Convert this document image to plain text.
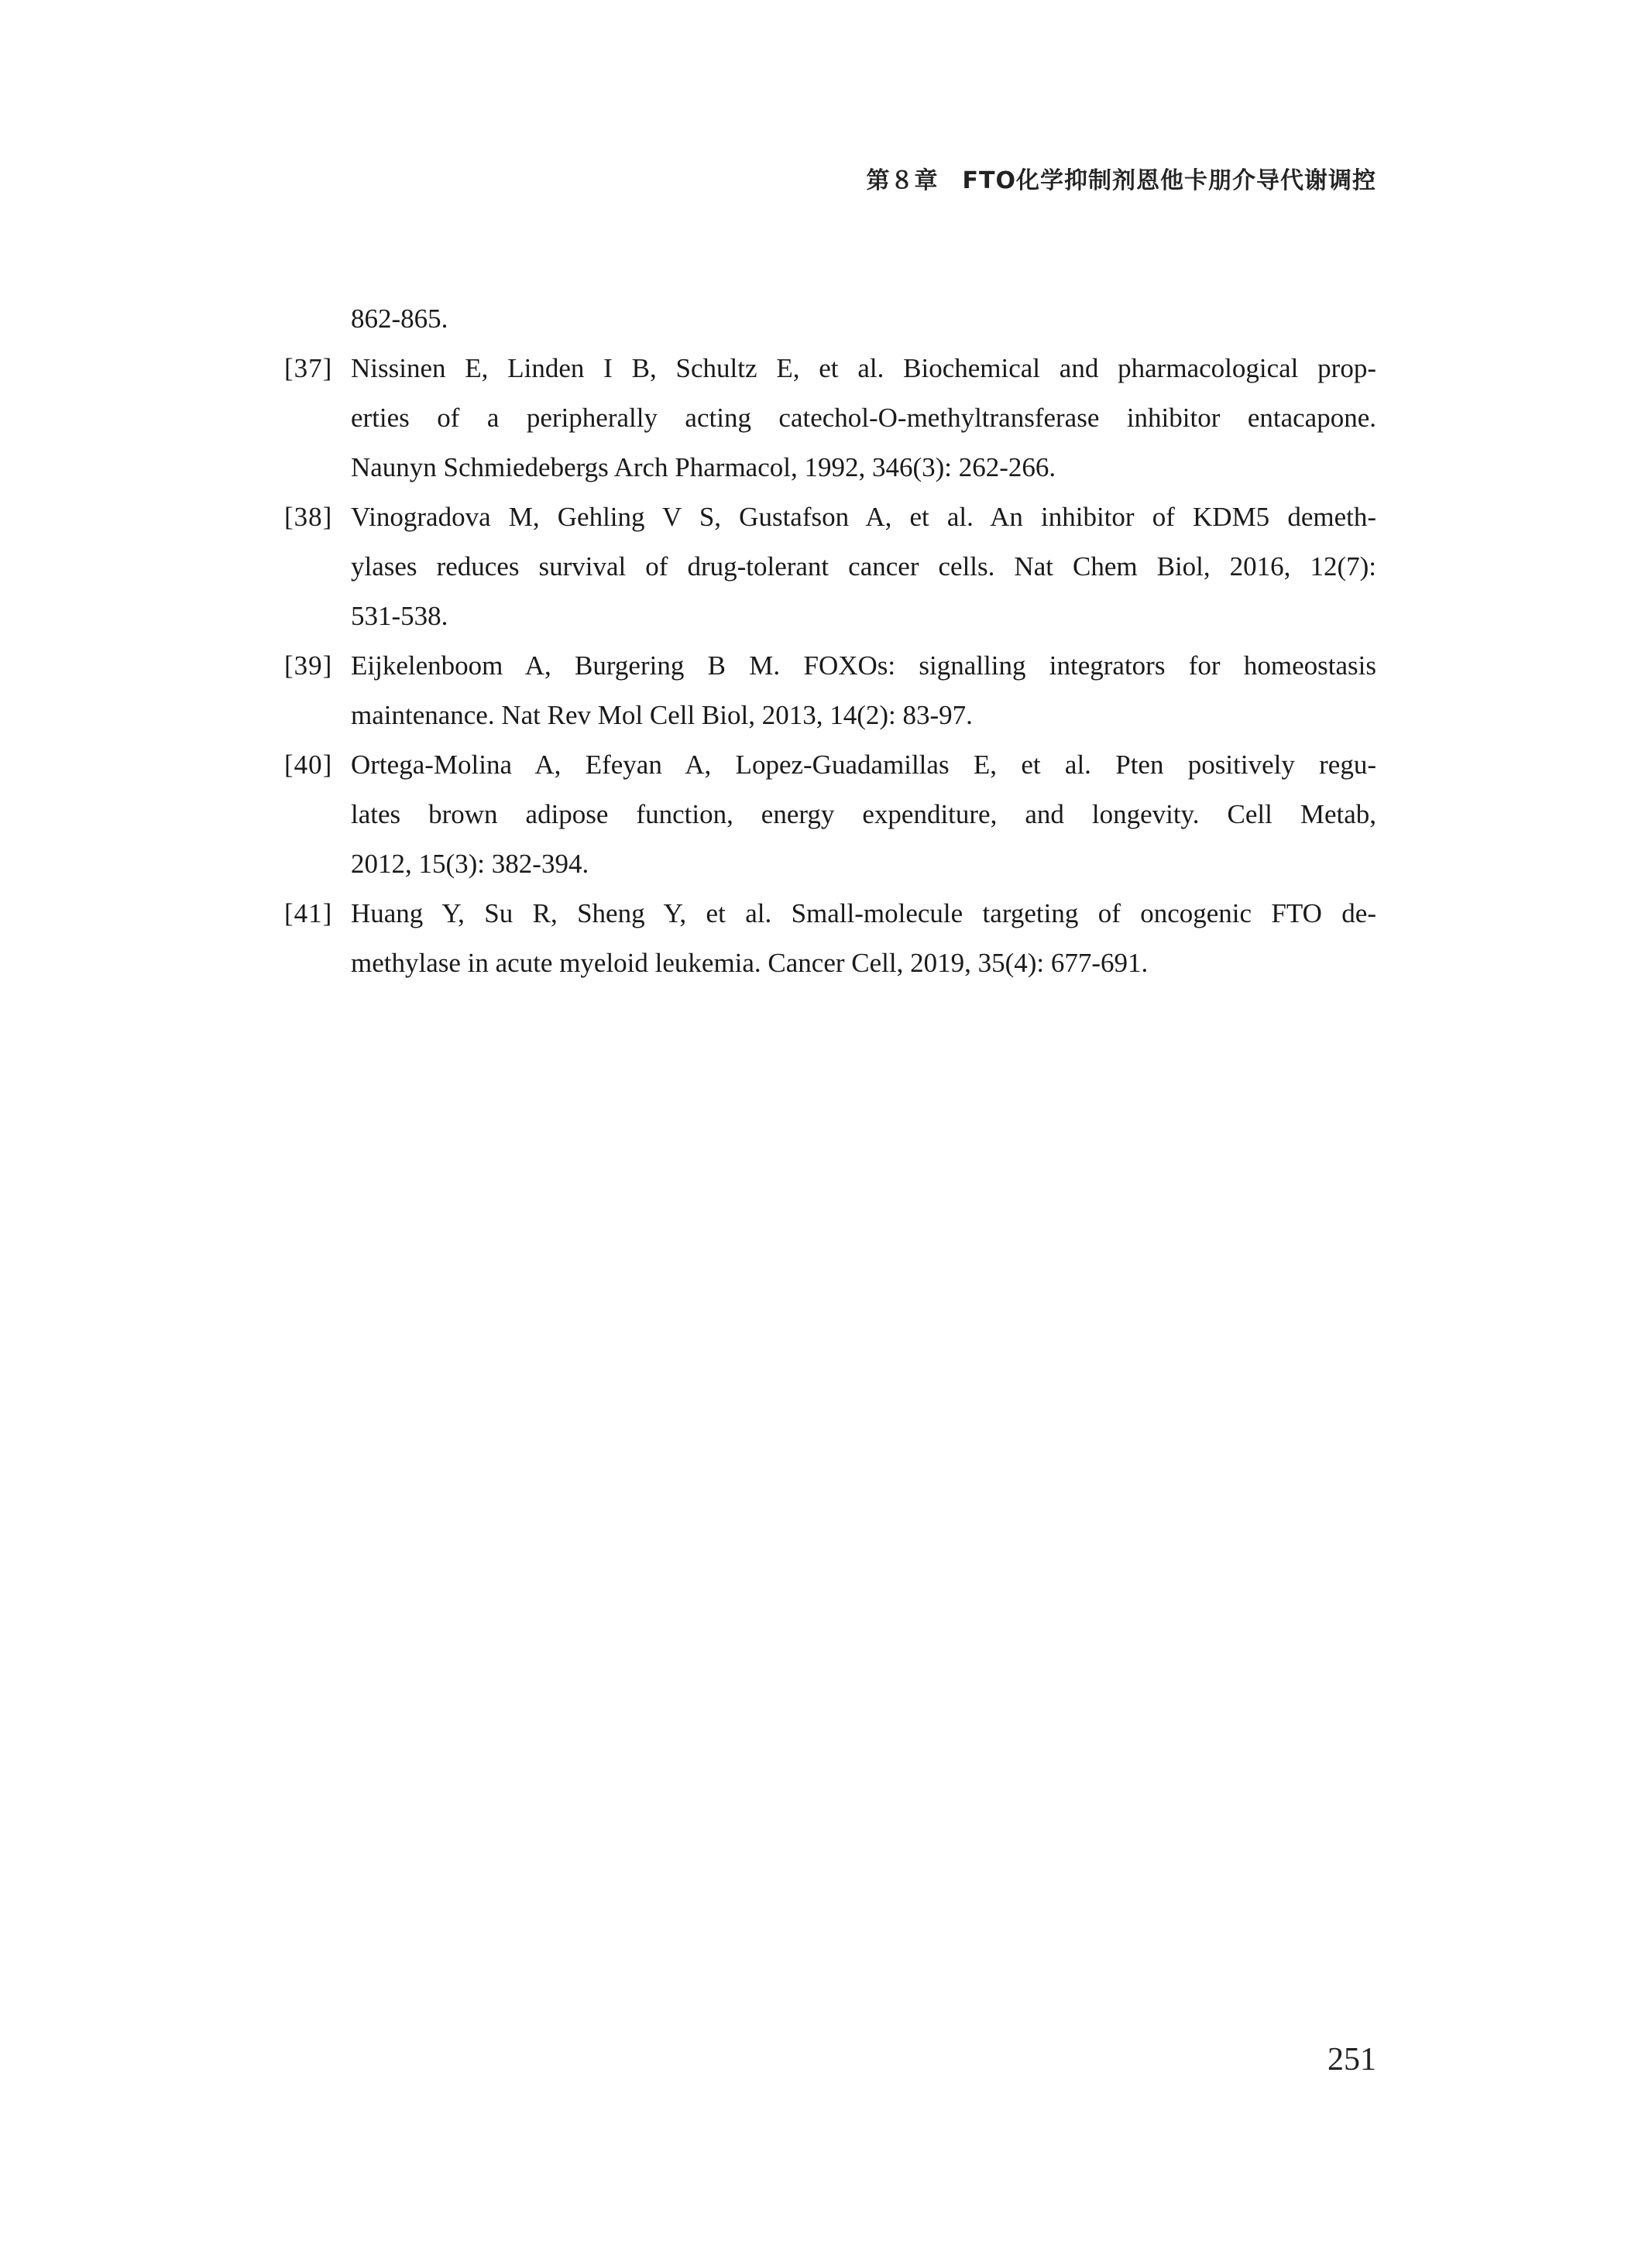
第８章　FTO化学抑制剂恩他卡朋介导代谢调控
862-865.
[37] Nissinen E, Linden I B, Schultz E, et al. Biochemical and pharmacological prop-
erties of a peripherally acting catechol-O-methyltransferase inhibitor entacapone.
Naunyn Schmiedebergs Arch Pharmacol, 1992, 346(3): 262-266.
[38] Vinogradova M, Gehling V S, Gustafson A, et al. An inhibitor of KDM5 demeth-
ylases reduces survival of drug-tolerant cancer cells. Nat Chem Biol, 2016, 12(7):
531-538.
[39] Eijkelenboom A, Burgering B M. FOXOs: signalling integrators for homeostasis
maintenance. Nat Rev Mol Cell Biol, 2013, 14(2): 83-97.
[40] Ortega-Molina A, Efeyan A, Lopez-Guadamillas E, et al. Pten positively regu-
lates brown adipose function, energy expenditure, and longevity. Cell Metab,
2012, 15(3): 382-394.
[41] Huang Y, Su R, Sheng Y, et al. Small-molecule targeting of oncogenic FTO de-
methylase in acute myeloid leukemia. Cancer Cell, 2019, 35(4): 677-691.
251
